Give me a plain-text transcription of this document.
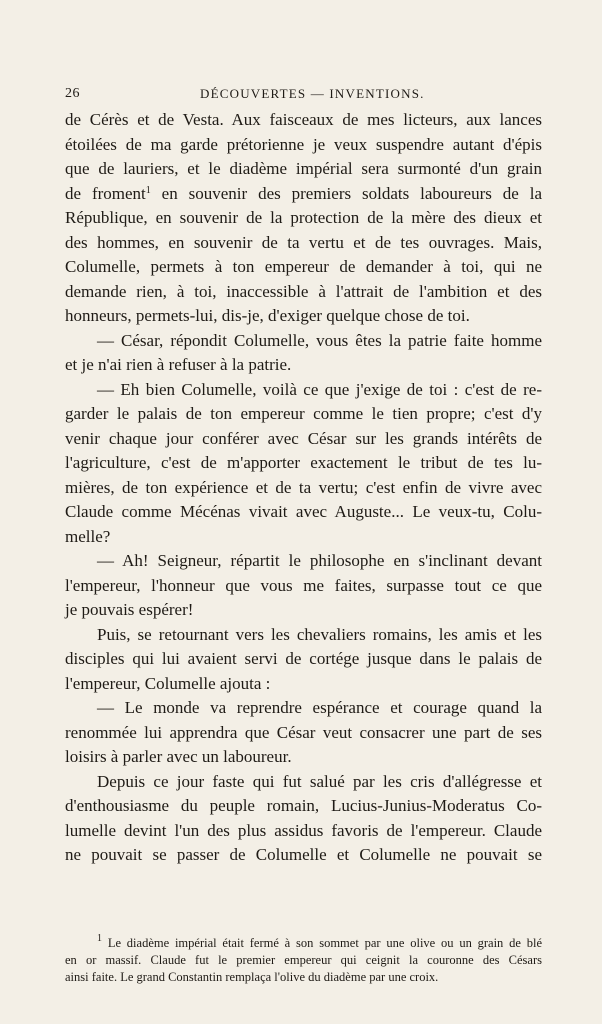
26	DÉCOUVERTES — INVENTIONS.
de Cérès et de Vesta. Aux faisceaux de mes licteurs, aux lances
étoilées de ma garde prétorienne je veux suspendre autant d'épis
que de lauriers, et le diadème impérial sera surmonté d'un grain
de froment$^1$ en souvenir des premiers soldats laboureurs de la
République, en souvenir de la protection de la mère des dieux et
des hommes, en souvenir de ta vertu et de tes ouvrages. Mais,
Columelle, permets à ton empereur de demander à toi, qui ne
demande rien, à toi, inaccessible à l'attrait de l'ambition et des
honneurs, permets-lui, dis-je, d'exiger quelque chose de toi.
— César, répondit Columelle, vous êtes la patrie faite homme
et je n'ai rien à refuser à la patrie.
— Eh bien Columelle, voilà ce que j'exige de toi : c'est de re-
garder le palais de ton empereur comme le tien propre; c'est d'y
venir chaque jour conférer avec César sur les grands intérêts de
l'agriculture, c'est de m'apporter exactement le tribut de tes lu-
mières, de ton expérience et de ta vertu; c'est enfin de vivre avec
Claude comme Mécénas vivait avec Auguste... Le veux-tu, Colu-
melle?
— Ah! Seigneur, répartit le philosophe en s'inclinant devant
l'empereur, l'honneur que vous me faites, surpasse tout ce que
je pouvais espérer!
Puis, se retournant vers les chevaliers romains, les amis et les
disciples qui lui avaient servi de cortége jusque dans le palais de
l'empereur, Columelle ajouta :
— Le monde va reprendre espérance et courage quand la
renommée lui apprendra que César veut consacrer une part de ses
loisirs à parler avec un laboureur.
Depuis ce jour faste qui fut salué par les cris d'allégresse et
d'enthousiasme du peuple romain, Lucius-Junius-Moderatus Co-
lumelle devint l'un des plus assidus favoris de l'empereur. Claude
ne pouvait se passer de Columelle et Columelle ne pouvait se
$^1$ Le diadème impérial était fermé à son sommet par une olive ou un grain de blé
en or massif. Claude fut le premier empereur qui ceignit la couronne des Césars
ainsi faite. Le grand Constantin remplaça l'olive du diadème par une croix.
